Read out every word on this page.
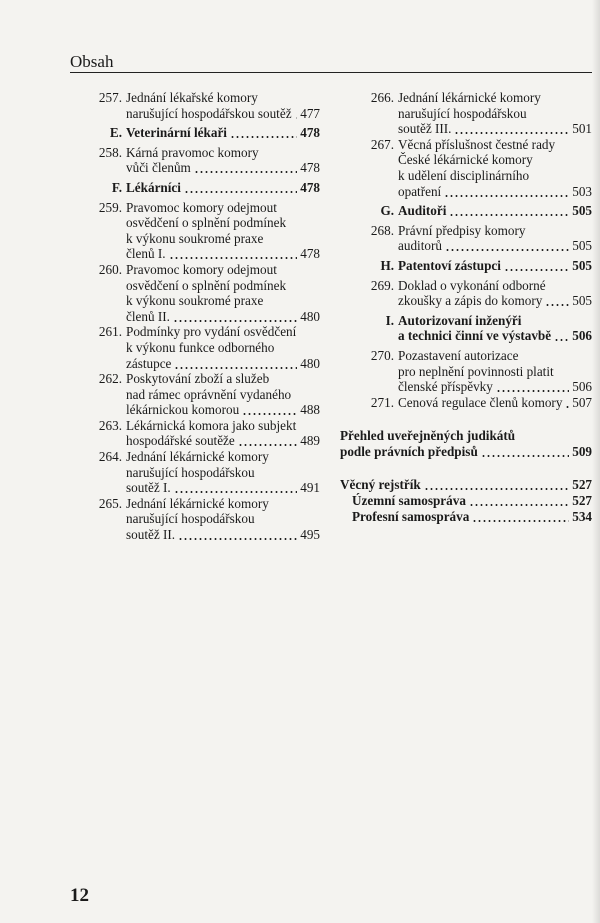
Obsah
257. Jednání lékařské komory
narušující hospodářskou soutěž 477
E. Veterinární lékaři	478
258. Kárná pravomoc komory
vůči členům	478
F. Lékárníci	478
259. Pravomoc komory odejmout
osvědčení o splnění podmínek
k výkonu soukromé praxe
členů I.	478
260. Pravomoc komory odejmout
osvědčení o splnění podmínek
k výkonu soukromé praxe
členů II.	480
261. Podmínky pro vydání osvědčení
k výkonu funkce odborného
zástupce	480
262. Poskytování zboží a služeb
nad rámec oprávnění vydaného
lékárnickou komorou	488
263. Lékárnická komora jako subjekt
hospodářské soutěže	489
264. Jednání lékárnické komory
narušující hospodářskou
soutěž I.	491
265. Jednání lékárnické komory
narušující hospodářskou
soutěž II.	495
266. Jednání lékárnické komory
narušující hospodářskou
soutěž III.	501
267. Věcná příslušnost čestné rady
České lékárnické komory
k udělení disciplinárního
opatření	503
G. Auditoři	505
268. Právní předpisy komory
auditorů	505
H. Patentoví zástupci	505
269. Doklad o vykonání odborné
zkoušky a zápis do komory 505
I. Autorizovaní inženýři
a technici činní ve výstavbě 506
270. Pozastavení autorizace
pro neplnění povinnosti platit
členské příspěvky	506
271. Cenová regulace členů komory 507
Přehled uveřejněných judikátů
podle právních předpisů	509
Věcný rejstřík	527
Územní samospráva	527
Profesní samospráva	534
12
